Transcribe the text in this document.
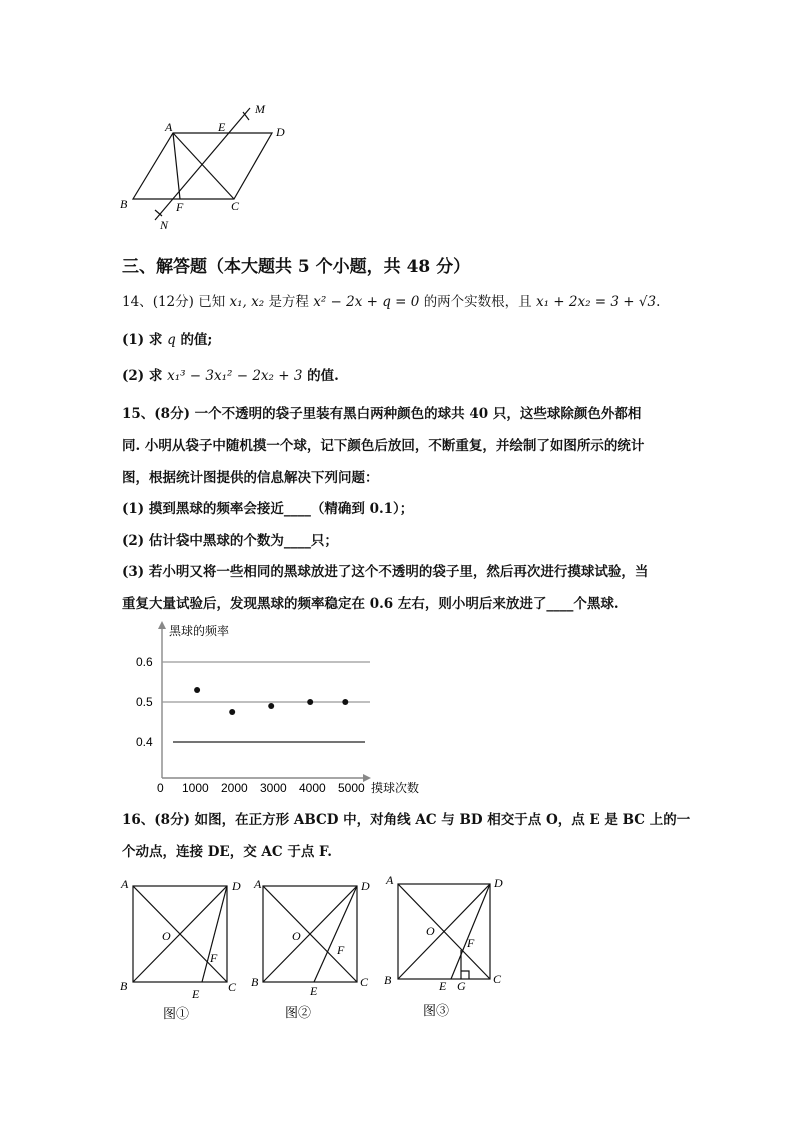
A	E	D
M
B	F	C
N
三、解答题（本大题共 5 个小题，共 48 分）
14、(12分) 已知 x₁, x₂ 是方程 x² − 2x + q = 0 的两个实数根，且 x₁ + 2x₂ = 3 + √3.
(1) 求 q 的值;
(2) 求 x₁³ − 3x₁² − 2x₂ + 3 的值.
15、(8分) 一个不透明的袋子里装有黑白两种颜色的球共 40 只，这些球除颜色外都相
同. 小明从袋子中随机摸一个球，记下颜色后放回，不断重复，并绘制了如图所示的统计
图，根据统计图提供的信息解决下列问题：
(1) 摸到黑球的频率会接近____（精确到 0.1）；
(2) 估计袋中黑球的个数为____只；
(3) 若小明又将一些相同的黑球放进了这个不透明的袋子里，然后再次进行摸球试验，当
重复大量试验后，发现黑球的频率稳定在 0.6 左右，则小明后来放进了____个黑球.
黑球的频率
摸球次数
0.6
0.5
0.4
0 1000 2000 3000 4000 5000
16、(8分) 如图，在正方形 ABCD 中，对角线 AC 与 BD 相交于点 O，点 E 是 BC 上的一
个动点，连接 DE，交 AC 于点 F.
A	D
O
F
B
E C
A	D
O
F
B
E
C
A	D
O
F
B	E G C
图①	图②	图③
